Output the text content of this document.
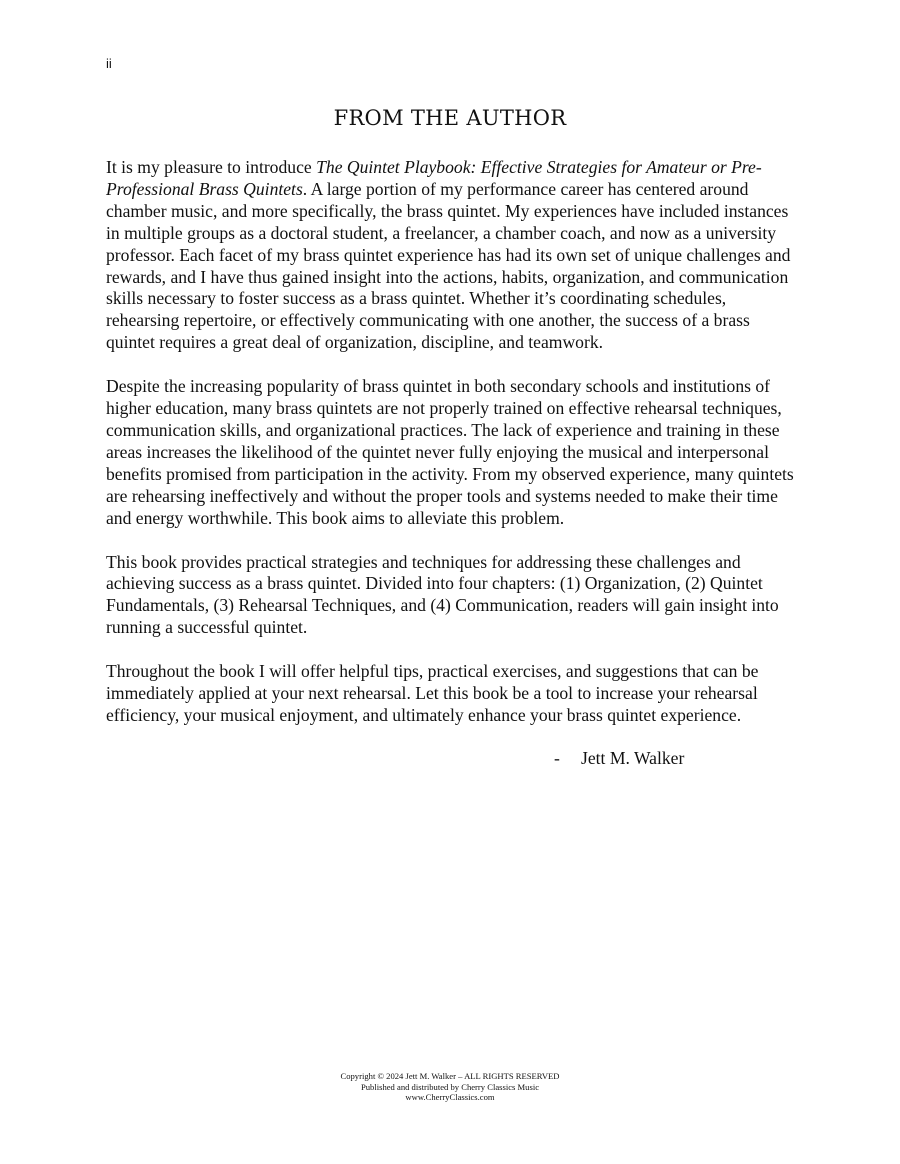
ii
FROM THE AUTHOR

It is my pleasure to introduce The Quintet Playbook: Effective Strategies for Amateur or Pre-Professional Brass Quintets. A large portion of my performance career has centered around chamber music, and more specifically, the brass quintet. My experiences have included instances in multiple groups as a doctoral student, a freelancer, a chamber coach, and now as a university professor. Each facet of my brass quintet experience has had its own set of unique challenges and rewards, and I have thus gained insight into the actions, habits, organization, and communication skills necessary to foster success as a brass quintet. Whether it’s coordinating schedules, rehearsing repertoire, or effectively communicating with one another, the success of a brass quintet requires a great deal of organization, discipline, and teamwork.

Despite the increasing popularity of brass quintet in both secondary schools and institutions of higher education, many brass quintets are not properly trained on effective rehearsal techniques, communication skills, and organizational practices. The lack of experience and training in these areas increases the likelihood of the quintet never fully enjoying the musical and interpersonal benefits promised from participation in the activity. From my observed experience, many quintets are rehearsing ineffectively and without the proper tools and systems needed to make their time and energy worthwhile. This book aims to alleviate this problem.

This book provides practical strategies and techniques for addressing these challenges and achieving success as a brass quintet. Divided into four chapters: (1) Organization, (2) Quintet Fundamentals, (3) Rehearsal Techniques, and (4) Communication, readers will gain insight into running a successful quintet.

Throughout the book I will offer helpful tips, practical exercises, and suggestions that can be immediately applied at your next rehearsal. Let this book be a tool to increase your rehearsal efficiency, your musical enjoyment, and ultimately enhance your brass quintet experience.

- Jett M. Walker
Copyright © 2024 Jett M. Walker – ALL RIGHTS RESERVED
Published and distributed by Cherry Classics Music
www.CherryClassics.com
